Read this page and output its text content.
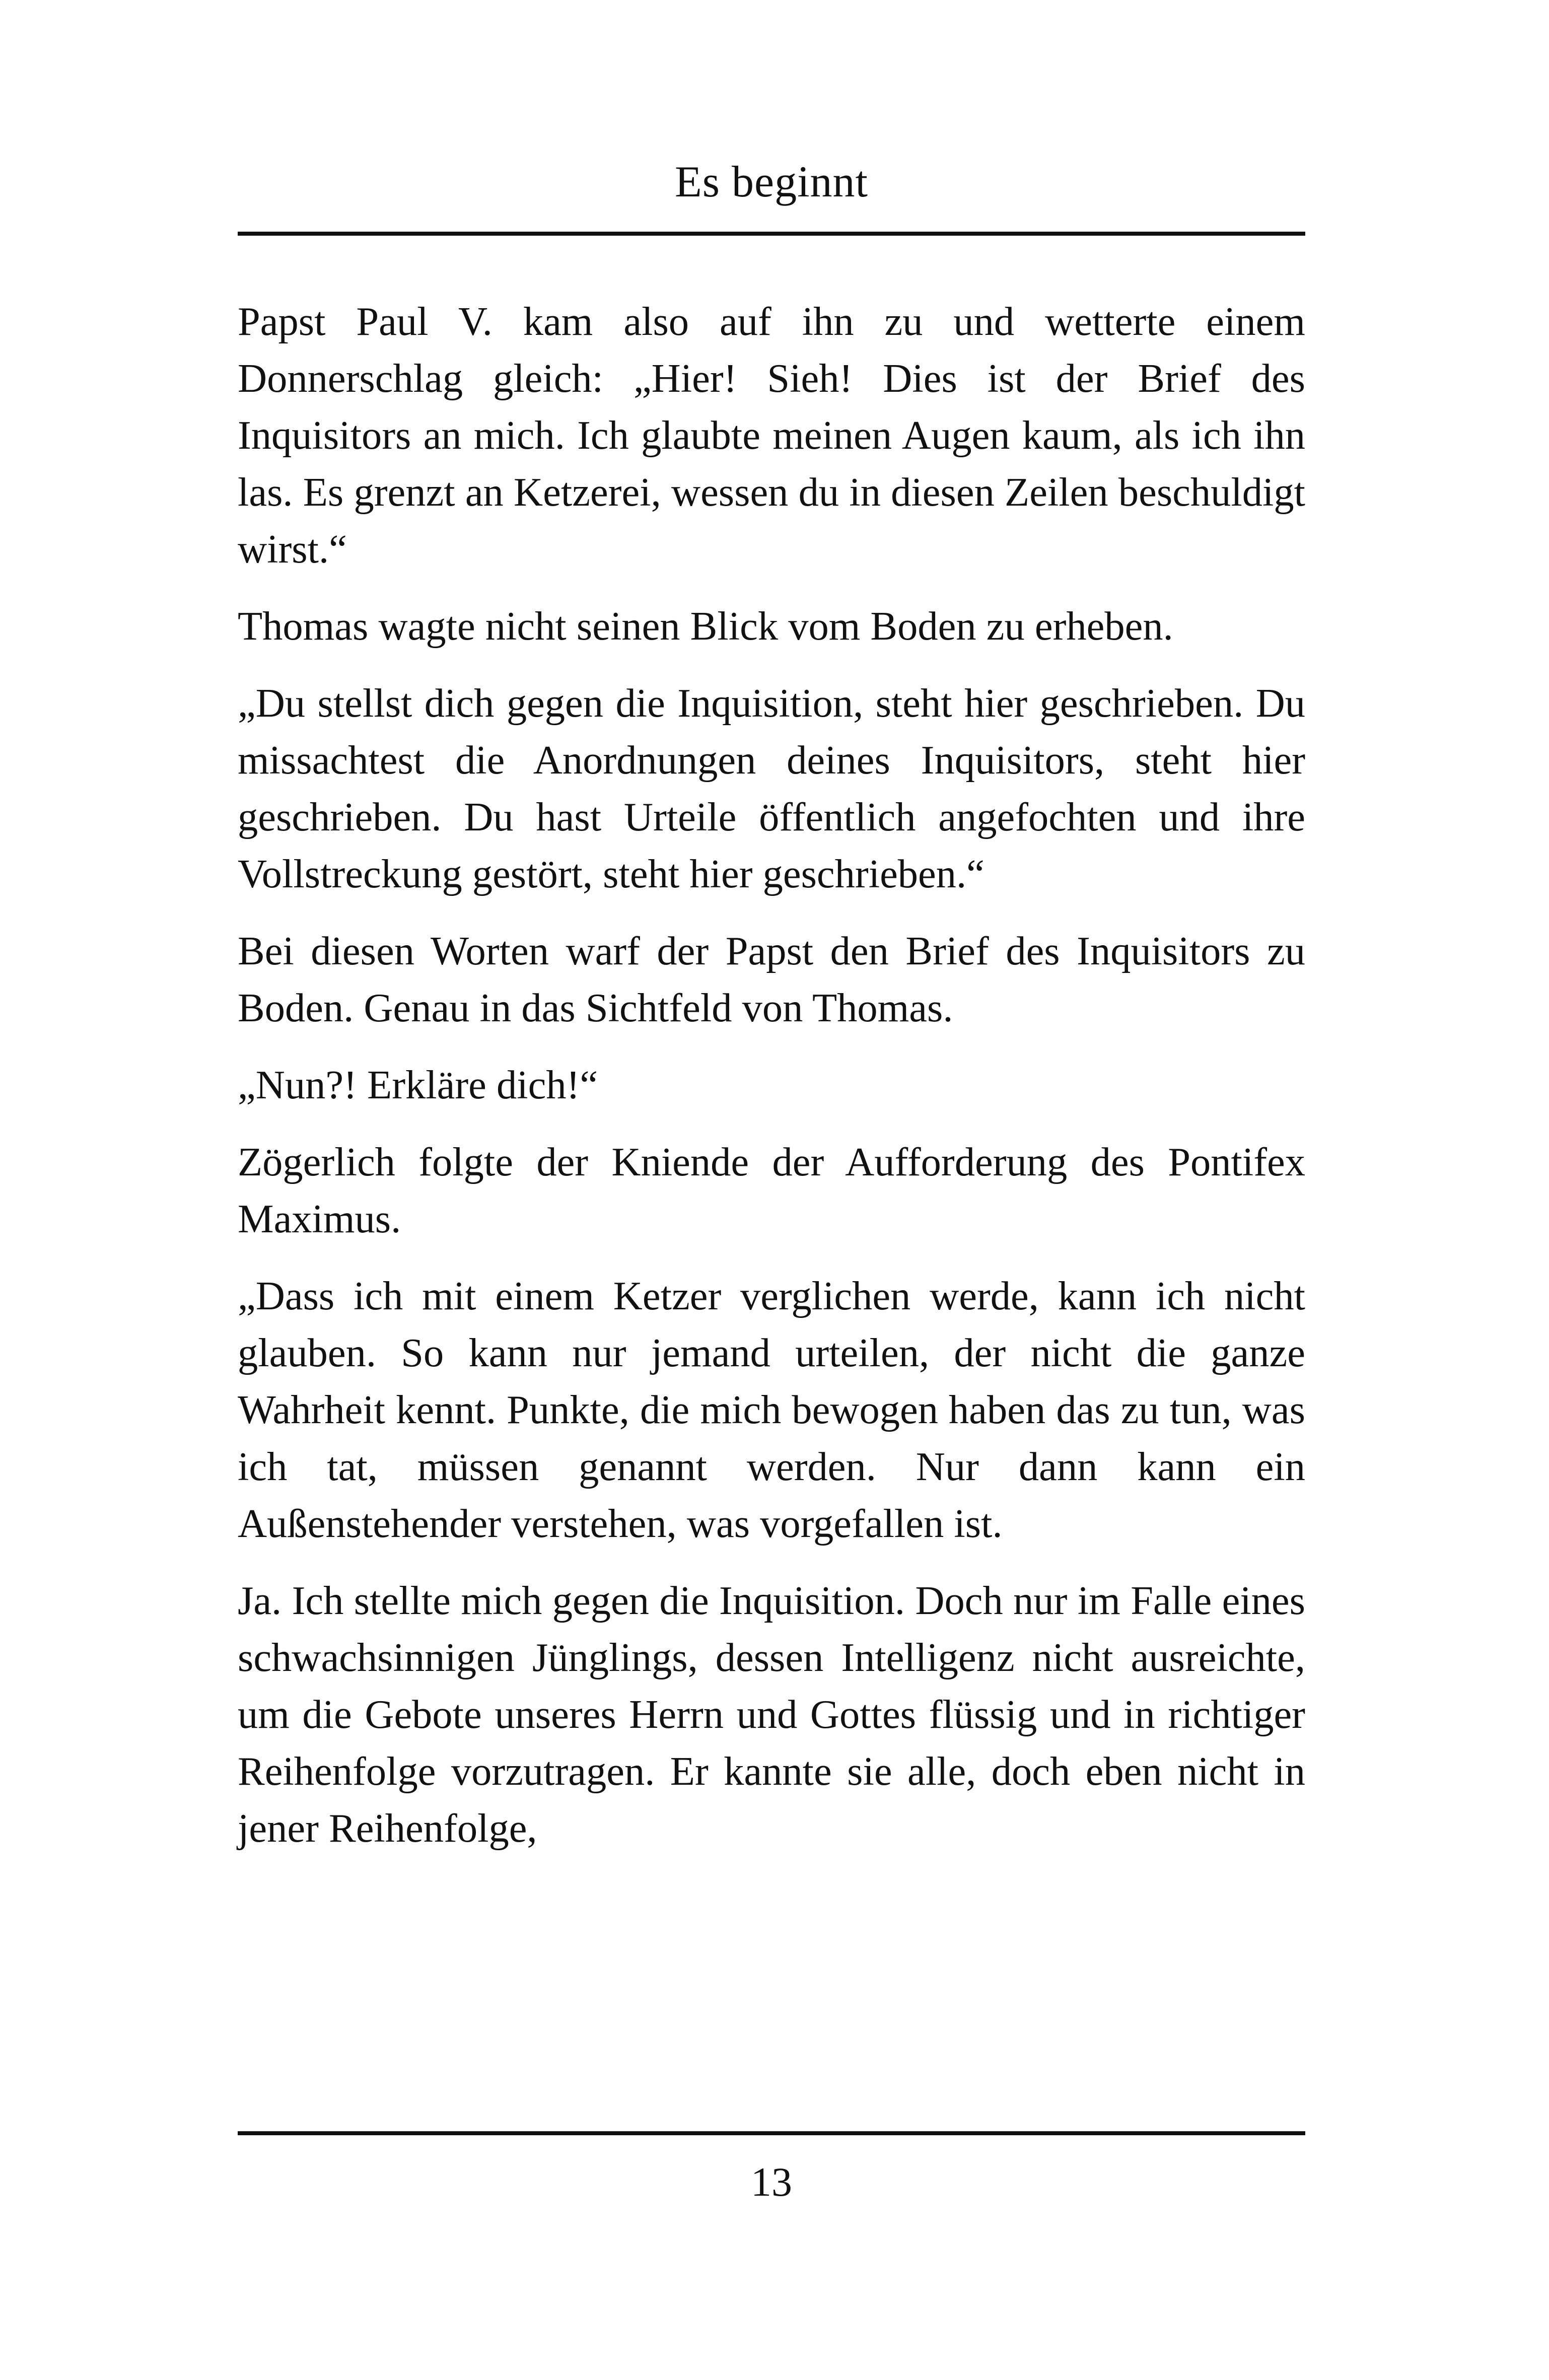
Es beginnt

Papst Paul V. kam also auf ihn zu und wetterte einem Donnerschlag gleich: „Hier! Sieh! Dies ist der Brief des Inquisitors an mich. Ich glaubte meinen Augen kaum, als ich ihn las. Es grenzt an Ketzerei, wessen du in diesen Zeilen beschuldigt wirst.“

Thomas wagte nicht seinen Blick vom Boden zu erheben.

„Du stellst dich gegen die Inquisition, steht hier geschrieben. Du missachtest die Anordnungen deines Inquisitors, steht hier geschrieben. Du hast Urteile öffentlich angefochten und ihre Vollstreckung gestört, steht hier geschrieben.“

Bei diesen Worten warf der Papst den Brief des Inquisitors zu Boden. Genau in das Sichtfeld von Thomas.

„Nun?! Erkläre dich!“

Zögerlich folgte der Kniende der Aufforderung des Pontifex Maximus.

„Dass ich mit einem Ketzer verglichen werde, kann ich nicht glauben. So kann nur jemand urteilen, der nicht die ganze Wahrheit kennt. Punkte, die mich bewogen haben das zu tun, was ich tat, müssen genannt werden. Nur dann kann ein Außenstehender verstehen, was vorgefallen ist.

Ja. Ich stellte mich gegen die Inquisition. Doch nur im Falle eines schwachsinnigen Jünglings, dessen Intelligenz nicht ausreichte, um die Gebote unseres Herrn und Gottes flüssig und in richtiger Reihenfolge vorzutragen. Er kannte sie alle, doch eben nicht in jener Reihenfolge,

13
